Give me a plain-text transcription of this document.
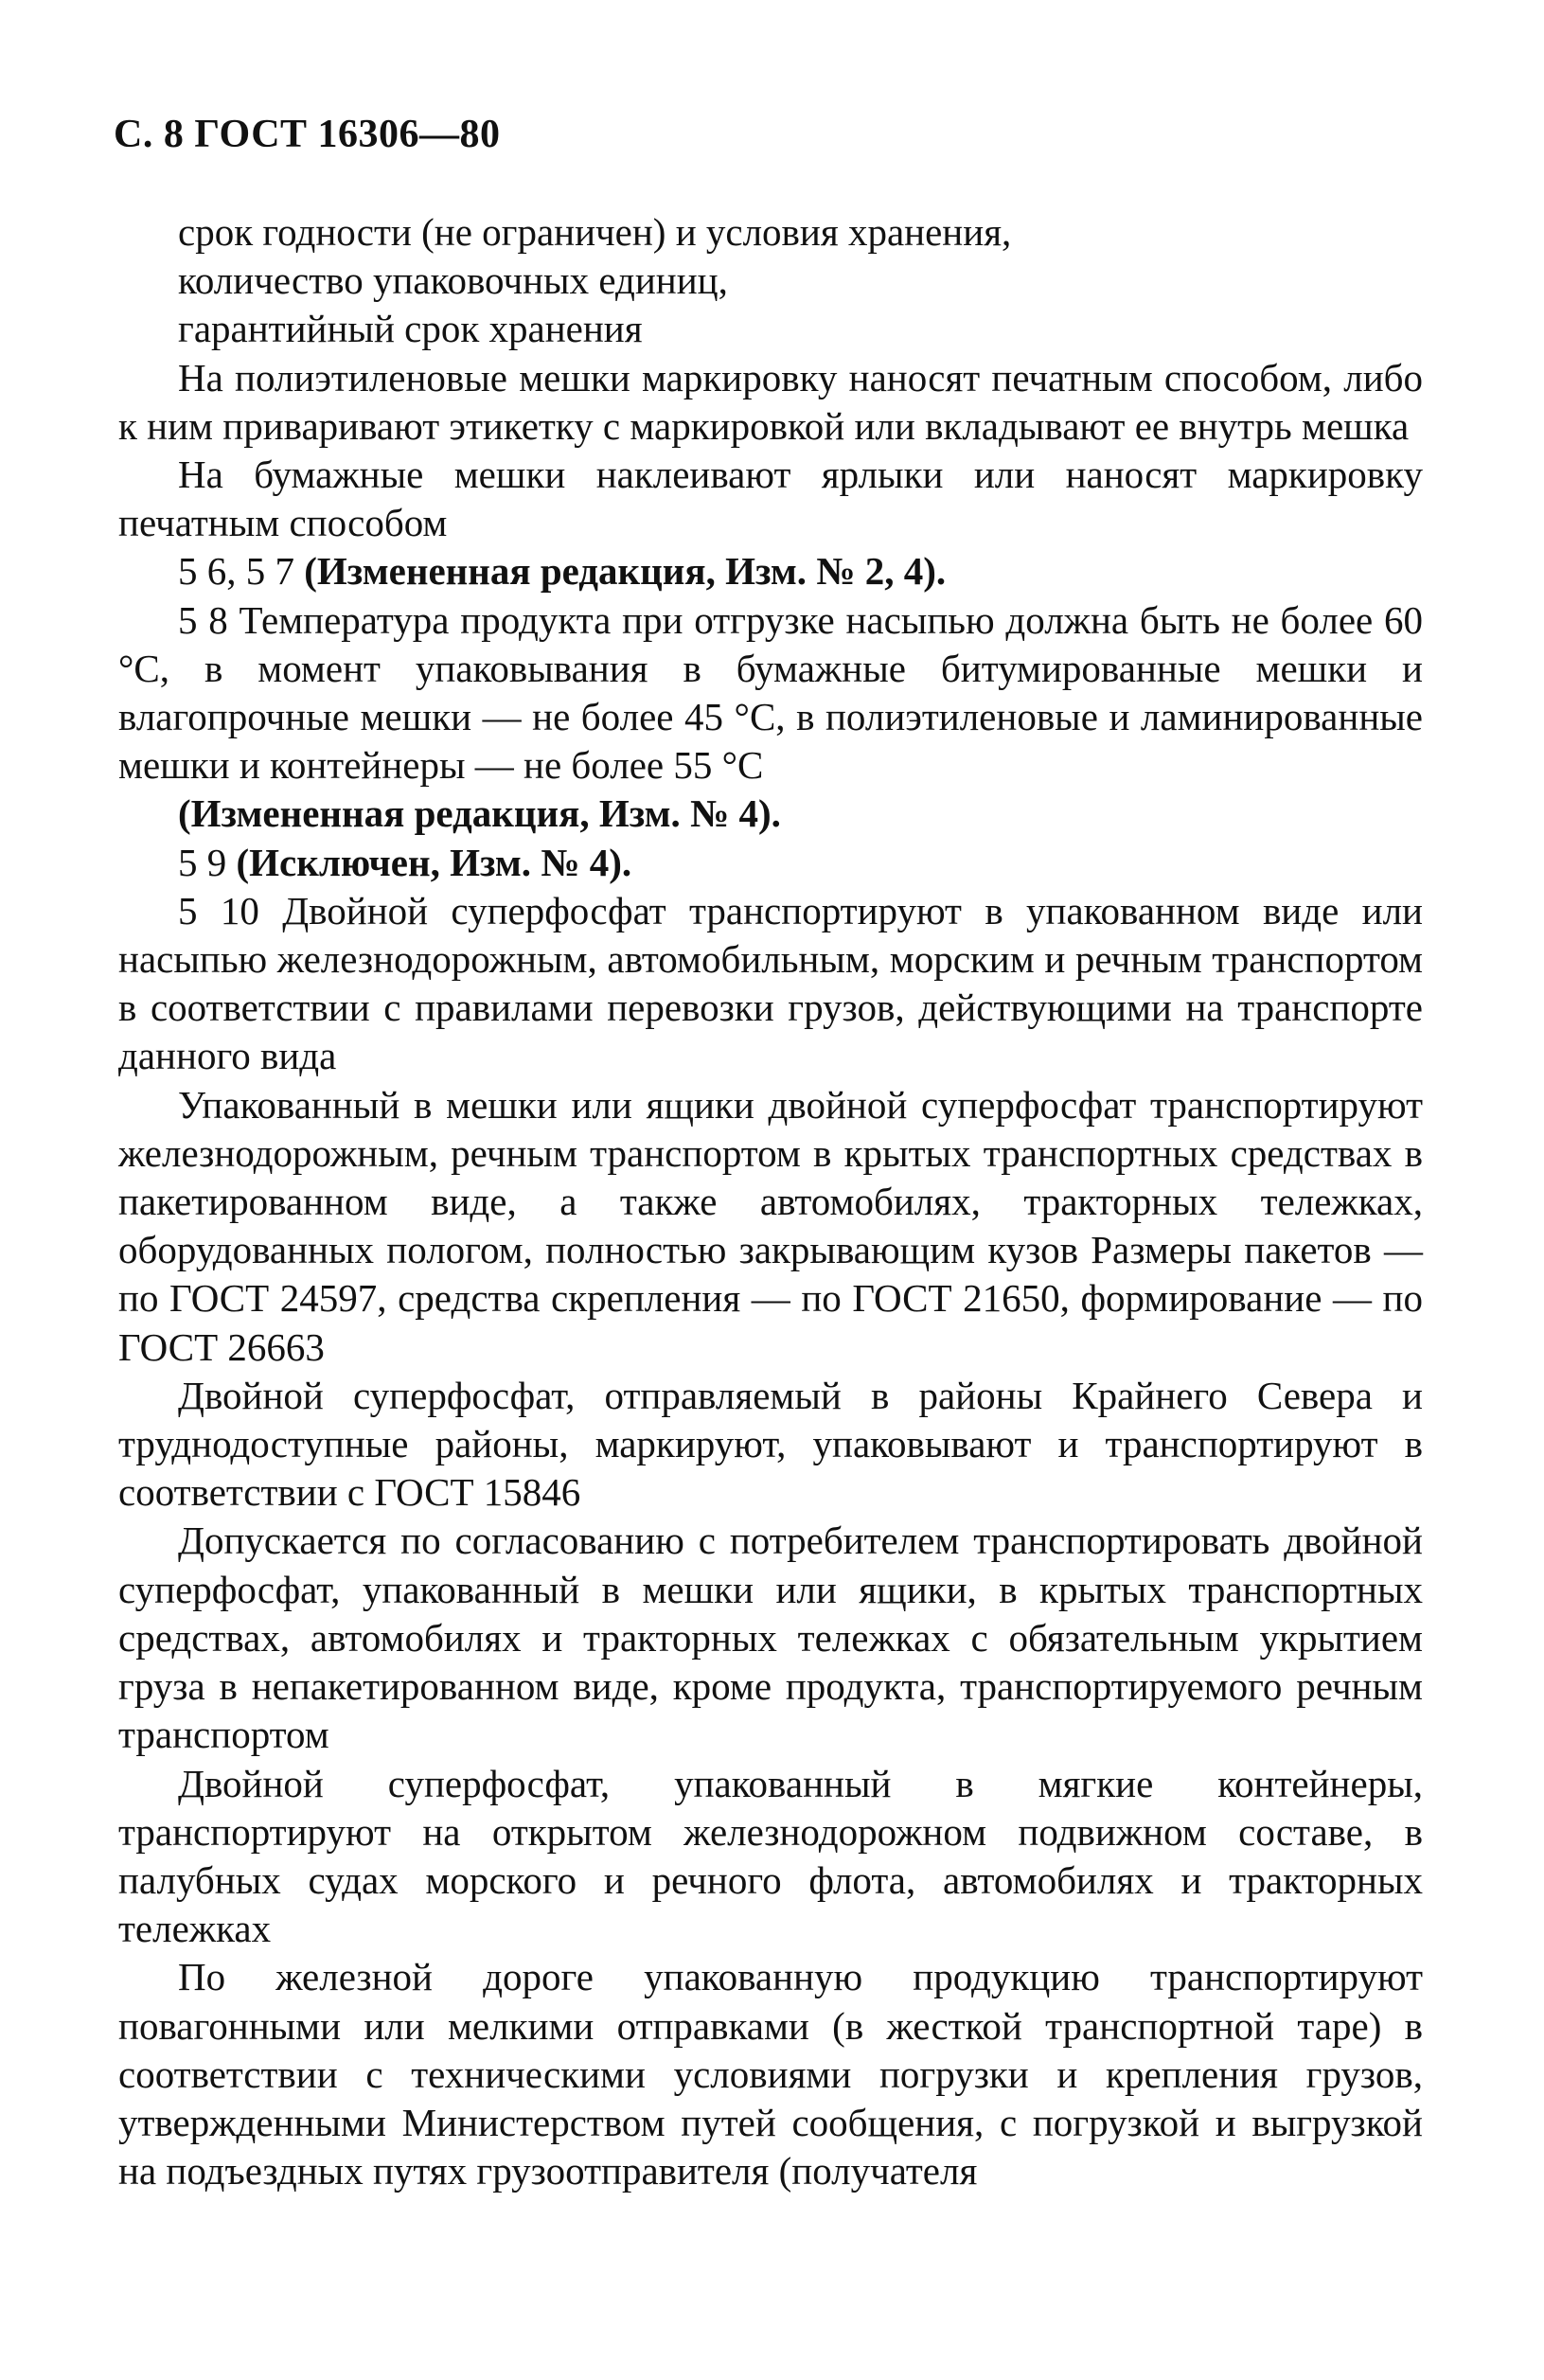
С. 8 ГОСТ 16306—80

срок годности (не ограничен) и условия хранения,
количество упаковочных единиц,
гарантийный срок хранения

На полиэтиленовые мешки маркировку наносят печатным способом, либо к ним приваривают этикетку с маркировкой или вкладывают ее внутрь мешка

На бумажные мешки наклеивают ярлыки или наносят маркировку печатным способом

5 6, 5 7 (Измененная редакция, Изм. № 2, 4).

5 8 Температура продукта при отгрузке насыпью должна быть не более 60 °С, в момент упаковывания в бумажные битумированные мешки и влагопрочные мешки — не более 45 °С, в полиэтиленовые и ламинированные мешки и контейнеры — не более 55 °С

(Измененная редакция, Изм. № 4).

5 9 (Исключен, Изм. № 4).

5 10 Двойной суперфосфат транспортируют в упакованном виде или насыпью железнодорожным, автомобильным, морским и речным транспортом в соответствии с правилами перевозки грузов, действующими на транспорте данного вида

Упакованный в мешки или ящики двойной суперфосфат транспортируют железнодорожным, речным транспортом в крытых транспортных средствах в пакетированном виде, а также автомобилях, тракторных тележках, оборудованных пологом, полностью закрывающим кузов Размеры пакетов — по ГОСТ 24597, средства скрепления — по ГОСТ 21650, формирование — по ГОСТ 26663

Двойной суперфосфат, отправляемый в районы Крайнего Севера и труднодоступные районы, маркируют, упаковывают и транспортируют в соответствии с ГОСТ 15846

Допускается по согласованию с потребителем транспортировать двойной суперфосфат, упакованный в мешки или ящики, в крытых транспортных средствах, автомобилях и тракторных тележках с обязательным укрытием груза в непакетированном виде, кроме продукта, транспортируемого речным транспортом

Двойной суперфосфат, упакованный в мягкие контейнеры, транспортируют на открытом железнодорожном подвижном составе, в палубных судах морского и речного флота, автомобилях и тракторных тележках

По железной дороге упакованную продукцию транспортируют повагонными или мелкими отправками (в жесткой транспортной таре) в соответствии с техническими условиями погрузки и крепления грузов, утвержденными Министерством путей сообщения, с погрузкой и выгрузкой на подъездных путях грузоотправителя (получателя
